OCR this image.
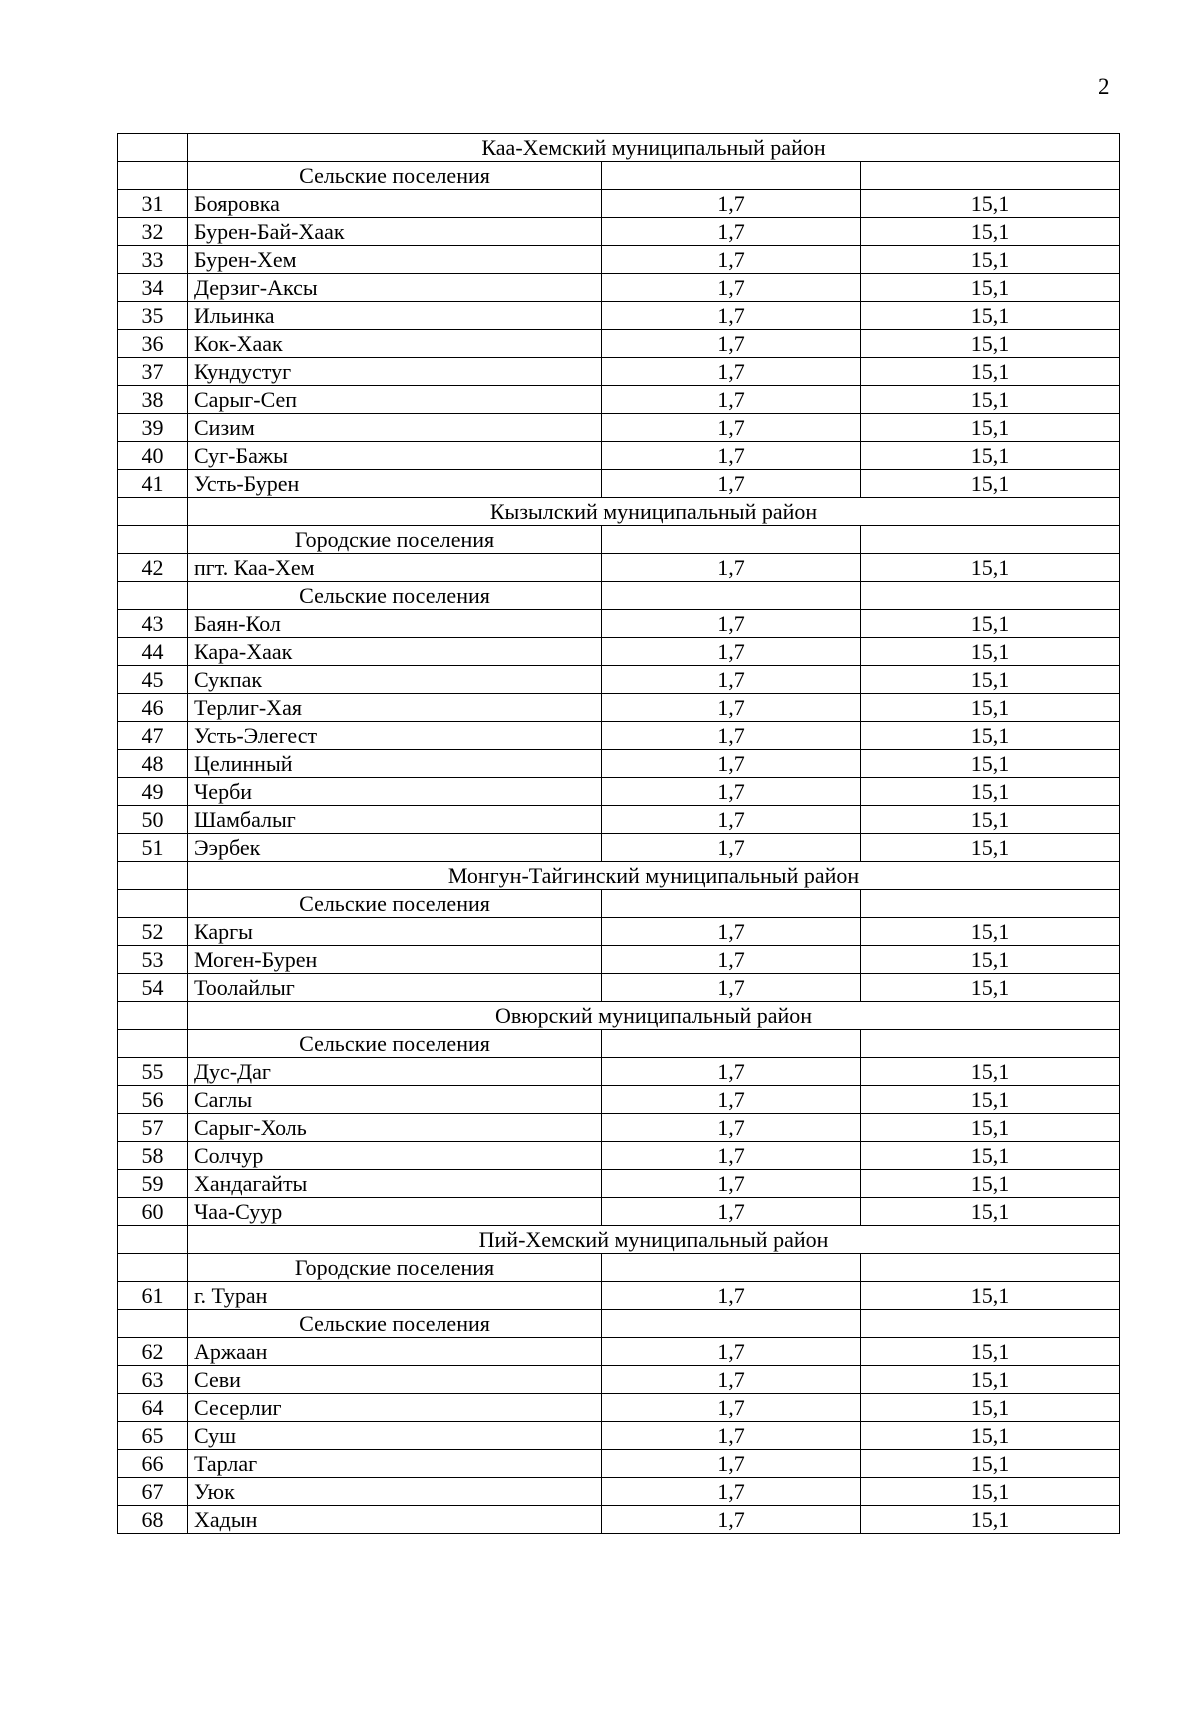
2
	Каа-Хемский муниципальный район		
	Сельские поселения		
31	Бояровка	1,7	15,1
32	Бурен-Бай-Хаак	1,7	15,1
33	Бурен-Хем	1,7	15,1
34	Дерзиг-Аксы	1,7	15,1
35	Ильинка	1,7	15,1
36	Кок-Хаак	1,7	15,1
37	Кундустуг	1,7	15,1
38	Сарыг-Сеп	1,7	15,1
39	Сизим	1,7	15,1
40	Суг-Бажы	1,7	15,1
41	Усть-Бурен	1,7	15,1
	Кызылский муниципальный район		
	Городские поселения		
42	пгт. Каа-Хем	1,7	15,1
	Сельские поселения		
43	Баян-Кол	1,7	15,1
44	Кара-Хаак	1,7	15,1
45	Сукпак	1,7	15,1
46	Терлиг-Хая	1,7	15,1
47	Усть-Элегест	1,7	15,1
48	Целинный	1,7	15,1
49	Черби	1,7	15,1
50	Шамбалыг	1,7	15,1
51	Ээрбек	1,7	15,1
	Монгун-Тайгинский муниципальный район		
	Сельские поселения		
52	Каргы	1,7	15,1
53	Моген-Бурен	1,7	15,1
54	Тоолайлыг	1,7	15,1
	Овюрский муниципальный район		
	Сельские поселения		
55	Дус-Даг	1,7	15,1
56	Саглы	1,7	15,1
57	Сарыг-Холь	1,7	15,1
58	Солчур	1,7	15,1
59	Хандагайты	1,7	15,1
60	Чаа-Суур	1,7	15,1
	Пий-Хемский муниципальный район		
	Городские поселения		
61	г. Туран	1,7	15,1
	Сельские поселения		
62	Аржаан	1,7	15,1
63	Севи	1,7	15,1
64	Сесерлиг	1,7	15,1
65	Суш	1,7	15,1
66	Тарлаг	1,7	15,1
67	Уюк	1,7	15,1
68	Хадын	1,7	15,1
